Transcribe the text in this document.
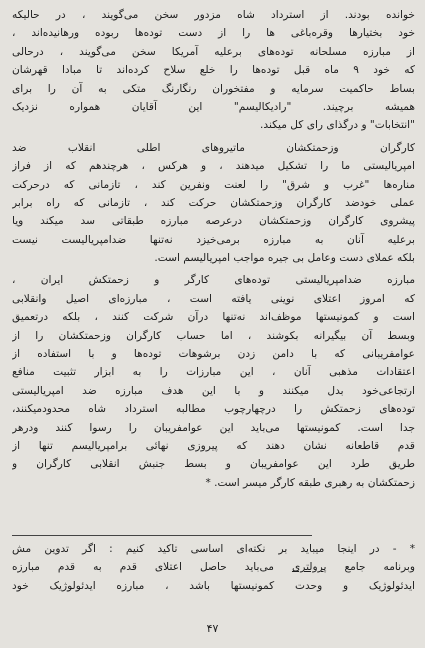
خوانده بودند. از استرداد شاه مزدور سخن می‌گویند ، در حالیکه
خود بختیارها وقره‌باغی ها را از دست توده‌ها ربوده ورهانیده‌اند ،
از مبارزه مسلحانه توده‌های برعلیه آمریکا سخن می‌گویند ، درحالی
که خود ۹ ماه قبل توده‌ها را خلع سلاح کرده‌اند تا مبادا قهرشان
بساط حاکمیت سرمایه و مفتخوران رنگارنگ متکی به آن را برای
همیشه برچیند. "رادیکالیسم" این آقایان همواره نزدیک
"انتخابات" و درگذای رای کل میکند.
کارگران وزحمتکشان ماتیروهای اطلی انقلاب ضد
امپریالیستی ما را تشکیل میدهند ، و هرکس ، هرچندهم که از فراز
مناره‌ها "غرب و شرق" را لعنت ونفرین کند ، تازمانی که درحرکت
عملی خودضد کارگران وزحمتکشان حرکت کند ، تازمانی که راه برابر
پیشروی کارگران وزحمتکشان درعرصه مبارزه طبقاتی سد میکند ویا
برعلیه آنان به مبارزه برمی‌خیزد نه‌تنها ضدامپریالیست نیست
بلکه عملای دست وعامل بی جیره مواجب امپریالیسم است.
مبارزه ضدامپریالیستی توده‌های کارگر و زحمتکش ایران ،
که امروز اعتلای نوینی یافته است ، مبارزه‌ای اصیل وانقلابی
است و کمونیستها موظف‌اند نه‌تنها درآن شرکت کنند ، بلکه درتعمیق
وبسط آن بیگیرانه بکوشند ، اما حساب کارگران وزحمتکشان را از
عوامفریبانی که با دامن زدن برشوهات توده‌ها و با استفاده از
اعتقادات مذهبی آنان ، این مبارزات را به ابزار تثبیت منافع
ارتجاعی‌خود بدل میکنند و با این هدف مبارزه ضد امپریالیستی
توده‌های زحمتکش را درچهارچوب مطالبه استرداد شاه محدودمیکنند،
جدا است. کمونیستها می‌باید این عوامفریبان را رسوا کنند ودرهر
قدم قاطعانه نشان دهند که پیروزی نهائی برامپریالیسم تنها از
طریق طرد این عوامفریبان و بسط جنبش انقلابی کارگران و
زحمتکشان به رهبری طبقه کارگر میسر است. *
* - در اینجا میباید بر نکته‌ای اساسی تاکید کنیم : اگر تدوین مش
وبرنامه جامع پرولتری می‌باید حاصل اعتلای قدم به قدم مبارزه
ایدئولوژیک و وحدت کمونیستها باشد ، مبارزه ایدئولوژیک خود
۴۷
